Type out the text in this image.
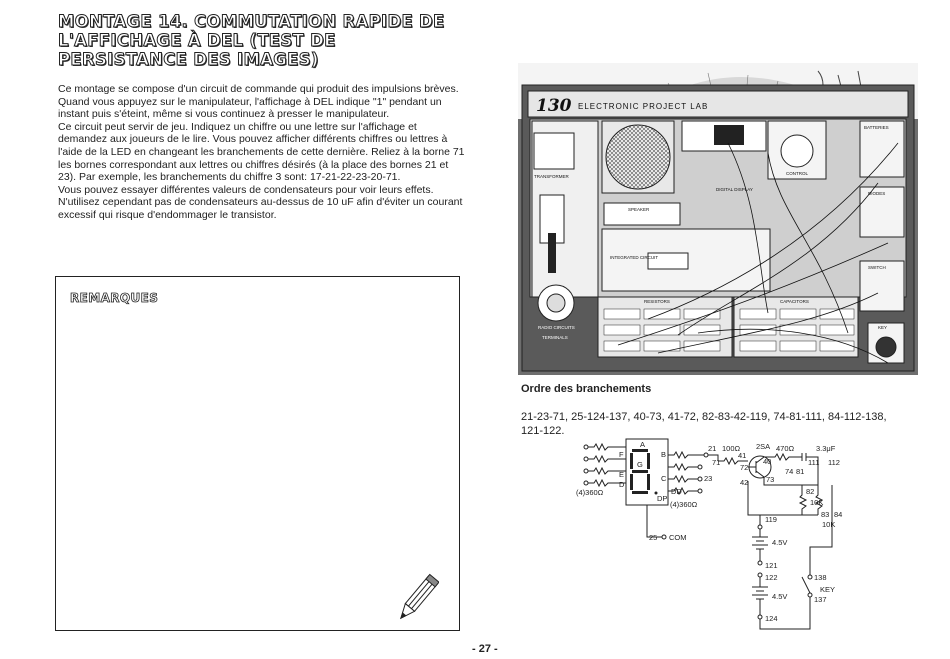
MONTAGE 14. COMMUTATION RAPIDE DE
L'AFFICHAGE À DEL (TEST DE
PERSISTANCE DES IMAGES)

Ce montage se compose d'un circuit de commande qui produit des impulsions brèves. Quand vous appuyez sur le manipulateur, l'affichage à DEL indique "1" pendant un instant puis s'éteint, même si vous continuez à presser le manipulateur.

Ce circuit peut servir de jeu. Indiquez un chiffre ou une lettre sur l'affichage et demandez aux joueurs de le lire. Vous pouvez afficher différents chiffres ou lettres à l'aide de la LED en changeant les branchements de cette dernière. Reliez à la borne 71 les bornes correspondant aux lettres ou chiffres désirés (à la place des bornes 21 et 23). Par exemple, les branchements du chiffre 3 sont: 17-21-22-23-20-71.

Vous pouvez essayer différentes valeurs de condensateurs pour voir leurs effets. N'utilisez cependant pas de condensateurs au-dessus de 10 uF afin d'éviter un courant excessif qui risque d'endommager le transistor.

REMARQUES
130 ELECTRONIC PROJECT LAB
TRANSFORMER
SPEAKER
DIGITAL DISPLAY
CONTROL
BATTERIES
DIODES
SWITCH
INTEGRATED CIRCUIT
RESISTORS	CAPACITORS
RADIO CIRCUITS
TERMINALS
KEY
Ordre des branchements
21-23-71, 25-124-137, 40-73, 41-72, 82-83-42-119, 74-81-111, 84-112-138, 121-122.
A
F
G
B
E
D
C
DD
DP
(4)360Ω
(4)360Ω
25 COM
21
23
71
100Ω 2SA
72
41
40
42 73
470Ω	3.3μF
111 112
74 81
82
10K
83 84
10K
119
4.5V
121
122
4.5V
124
138
KEY
137
- 27 -
